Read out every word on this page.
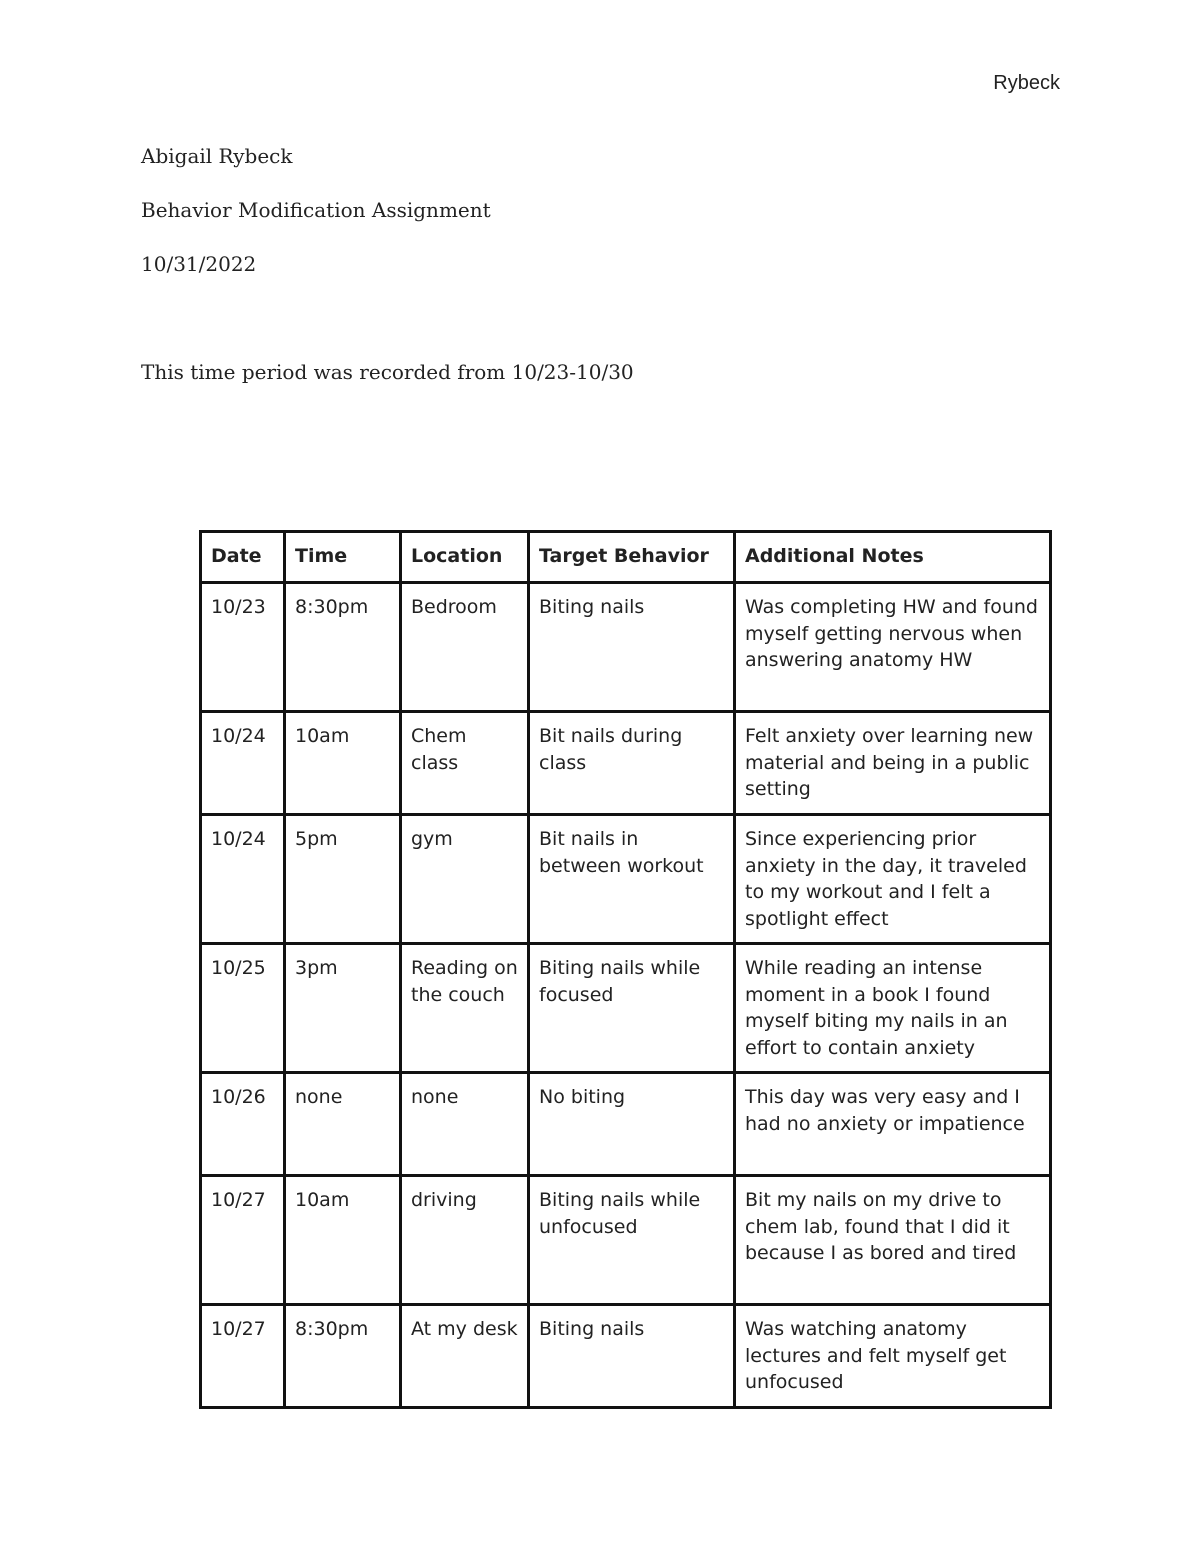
Rybeck
Abigail Rybeck
Behavior Modification Assignment
10/31/2022
This time period was recorded from 10/23-10/30
Date	Time	Location	Target Behavior	Additional Notes
10/23	8:30pm	Bedroom	Biting nails	Was completing HW and found myself getting nervous when answering anatomy HW
10/24	10am	Chem class	Bit nails during class	Felt anxiety over learning new material and being in a public setting
10/24	5pm	gym	Bit nails in between workout	Since experiencing prior anxiety in the day, it traveled to my workout and I felt a spotlight effect
10/25	3pm	Reading on the couch	Biting nails while focused	While reading an intense moment in a book I found myself biting my nails in an effort to contain anxiety
10/26	none	none	No biting	This day was very easy and I had no anxiety or impatience
10/27	10am	driving	Biting nails while unfocused	Bit my nails on my drive to chem lab, found that I did it because I as bored and tired
10/27	8:30pm	At my desk	Biting nails	Was watching anatomy lectures and felt myself get unfocused
